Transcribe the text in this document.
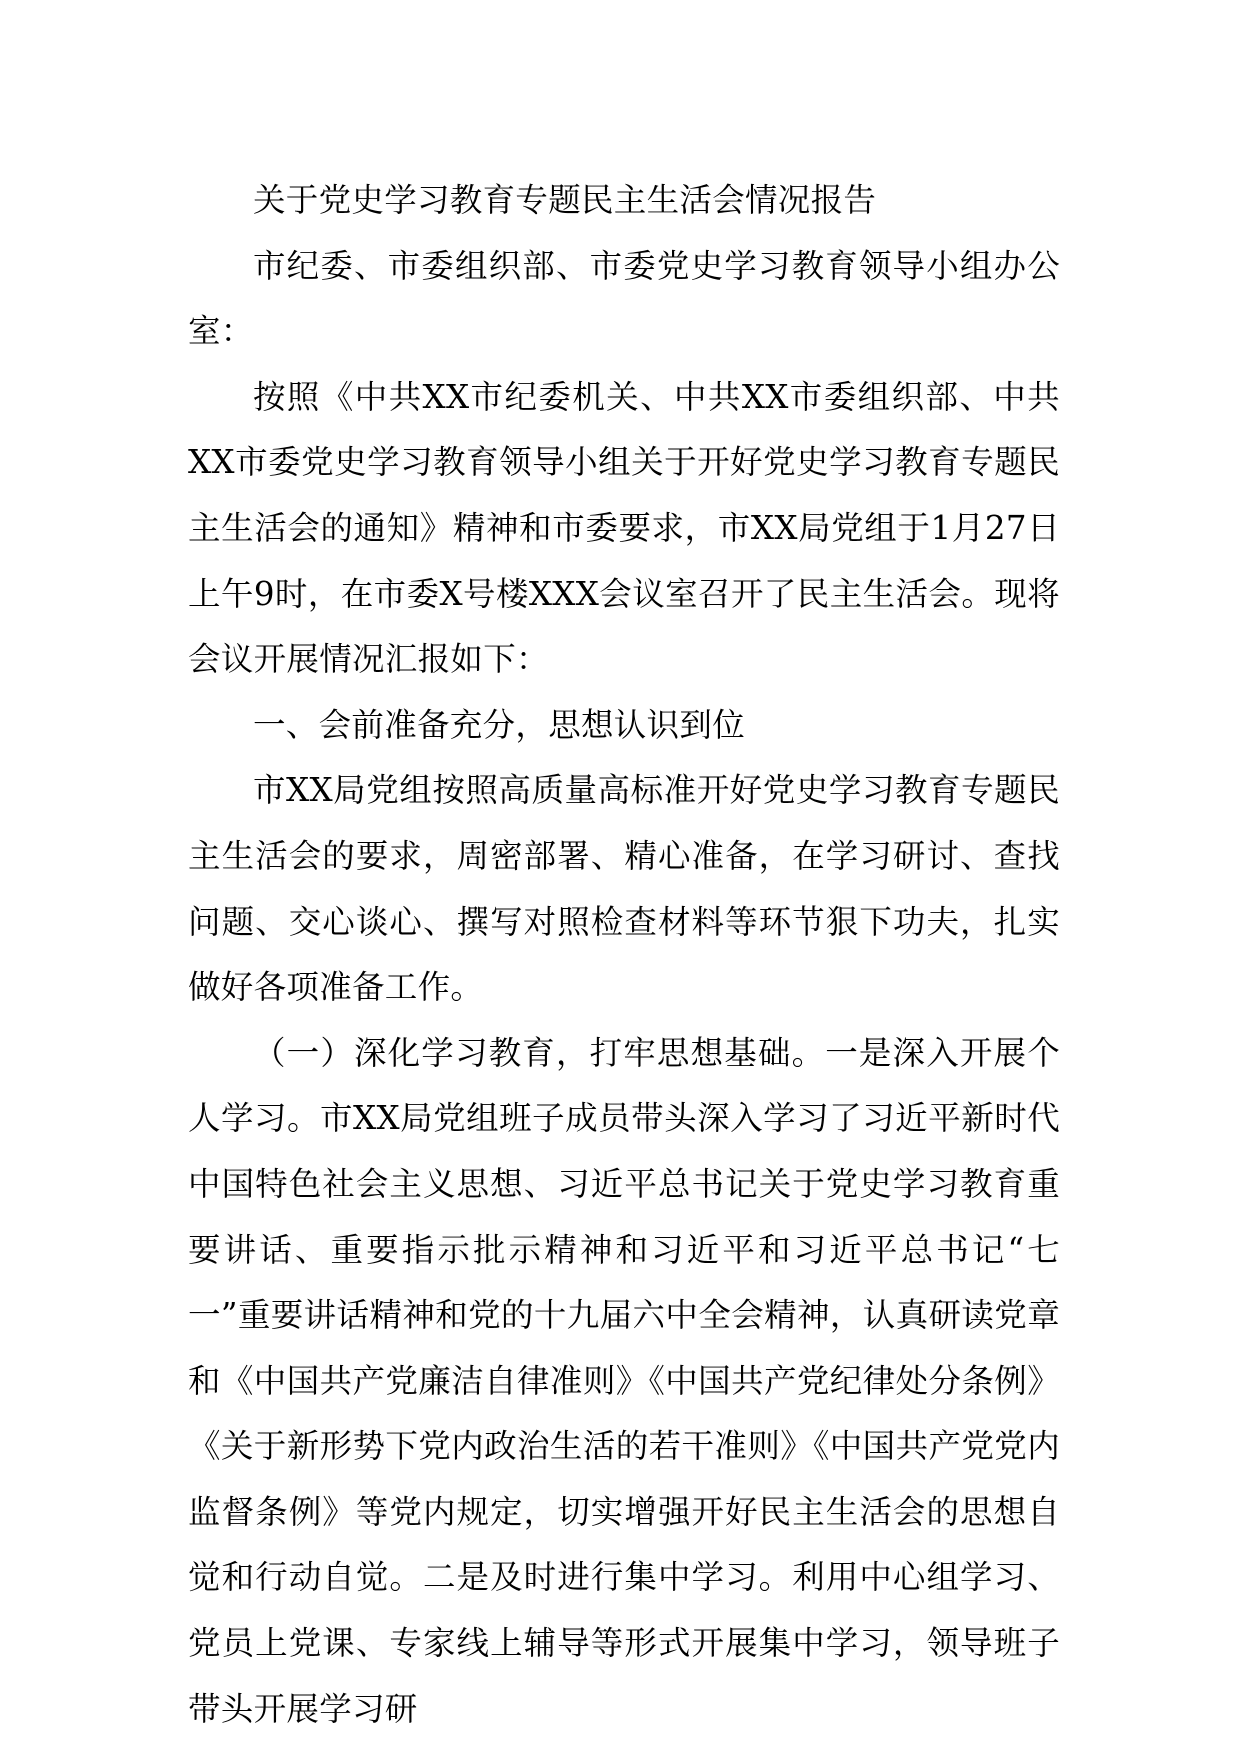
关于党史学习教育专题民主生活会情况报告

市纪委、市委组织部、市委党史学习教育领导小组办公室：

按照《中共XX市纪委机关、中共XX市委组织部、中共XX市委党史学习教育领导小组关于开好党史学习教育专题民主生活会的通知》精神和市委要求，市XX局党组于1月27日上午9时，在市委X号楼XXX会议室召开了民主生活会。现将会议开展情况汇报如下：

一、会前准备充分，思想认识到位

市XX局党组按照高质量高标准开好党史学习教育专题民主生活会的要求，周密部署、精心准备，在学习研讨、查找问题、交心谈心、撰写对照检查材料等环节狠下功夫，扎实做好各项准备工作。

（一）深化学习教育，打牢思想基础。一是深入开展个人学习。市XX局党组班子成员带头深入学习了习近平新时代中国特色社会主义思想、习近平总书记关于党史学习教育重要讲话、重要指示批示精神和习近平和习近平总书记“七一”重要讲话精神和党的十九届六中全会精神，认真研读党章和《中国共产党廉洁自律准则》《中国共产党纪律处分条例》《关于新形势下党内政治生活的若干准则》《中国共产党党内监督条例》等党内规定，切实增强开好民主生活会的思想自觉和行动自觉。二是及时进行集中学习。利用中心组学习、党员上党课、专家线上辅导等形式开展集中学习，领导班子带头开展学习研
